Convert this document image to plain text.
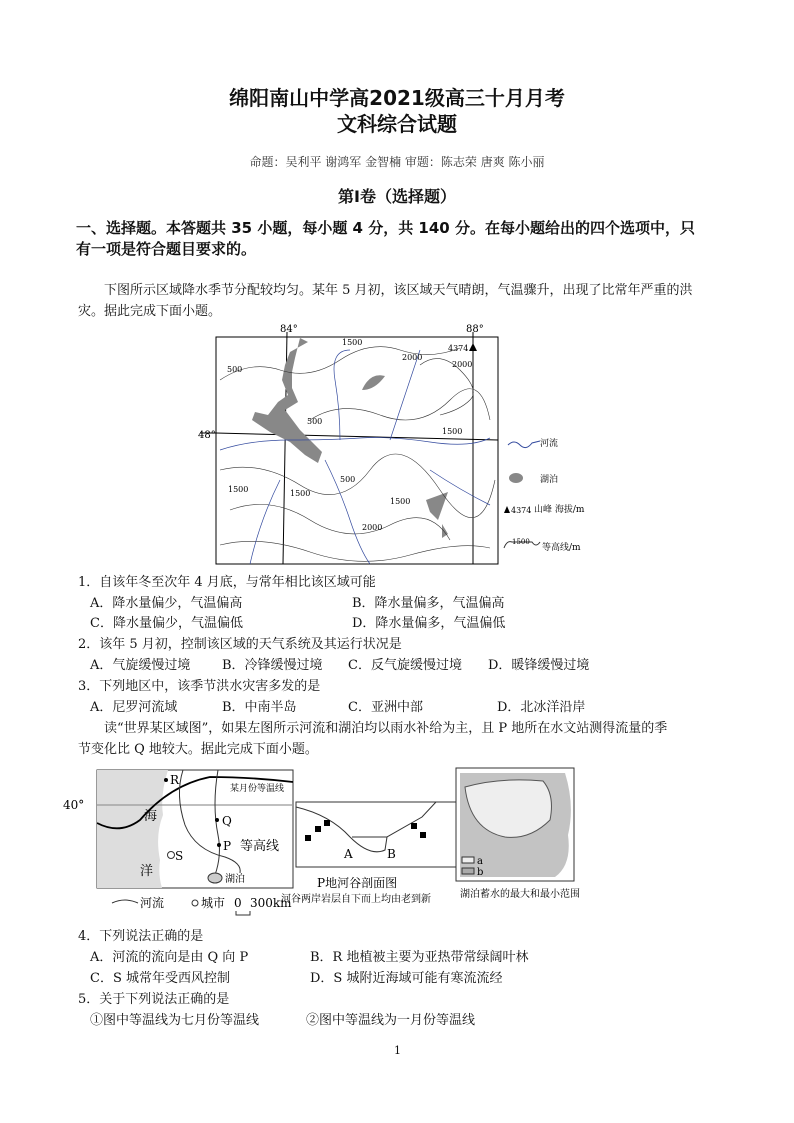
绵阳南山中学高2021级高三十月月考
文科综合试题
命题：吴利平 谢鸿军 金智楠 审题：陈志荣 唐爽 陈小丽
第Ⅰ卷（选择题）
一、选择题。本答题共 35 小题，每小题 4 分，共 140 分。在每小题给出的四个选项中，只
有一项是符合题目要求的。
下图所示区域降水季节分配较均匀。某年 5 月初，该区域天气晴朗，气温骤升，出现了比常年严重的洪
灾。据此完成下面小题。
84°	88°
48°
500
1500
2000
2000
500
1500
500
1500	1500
1500
2000
4374
河流
湖泊
4374 山峰 海拔/m
1500
等高线/m
1．自该年冬至次年 4 月底，与常年相比该区域可能
A．降水量偏少，气温偏高	B．降水量偏多，气温偏高
C．降水量偏少，气温偏低	D．降水量偏多，气温偏低
2．该年 5 月初，控制该区域的天气系统及其运行状况是
A．气旋缓慢过境 B．冷锋缓慢过境 C．反气旋缓慢过境 D．暖锋缓慢过境
3．下列地区中，该季节洪水灾害多发的是
A．尼罗河流域	B．中南半岛	C．亚洲中部	D．北冰洋沿岸
读“世界某区域图”，如果左图所示河流和湖泊均以雨水补给为主，且 P 地所在水文站测得流量的季
节变化比 Q 地较大。据此完成下面小题。
R
Q
P
S
40°
海
洋
某月份等温线
等高线
湖泊
河流	城市 0 300km
A	B
P地河谷剖面图
河谷两岸岩层自下而上均由老到新
a
b
湖泊蓄水的最大和最小范围
4．下列说法正确的是
A．河流的流向是由 Q 向 P	B．R 地植被主要为亚热带常绿阔叶林
C．S 城常年受西风控制	D．S 城附近海域可能有寒流流经
5．关于下列说法正确的是
①图中等温线为七月份等温线	②图中等温线为一月份等温线
1
